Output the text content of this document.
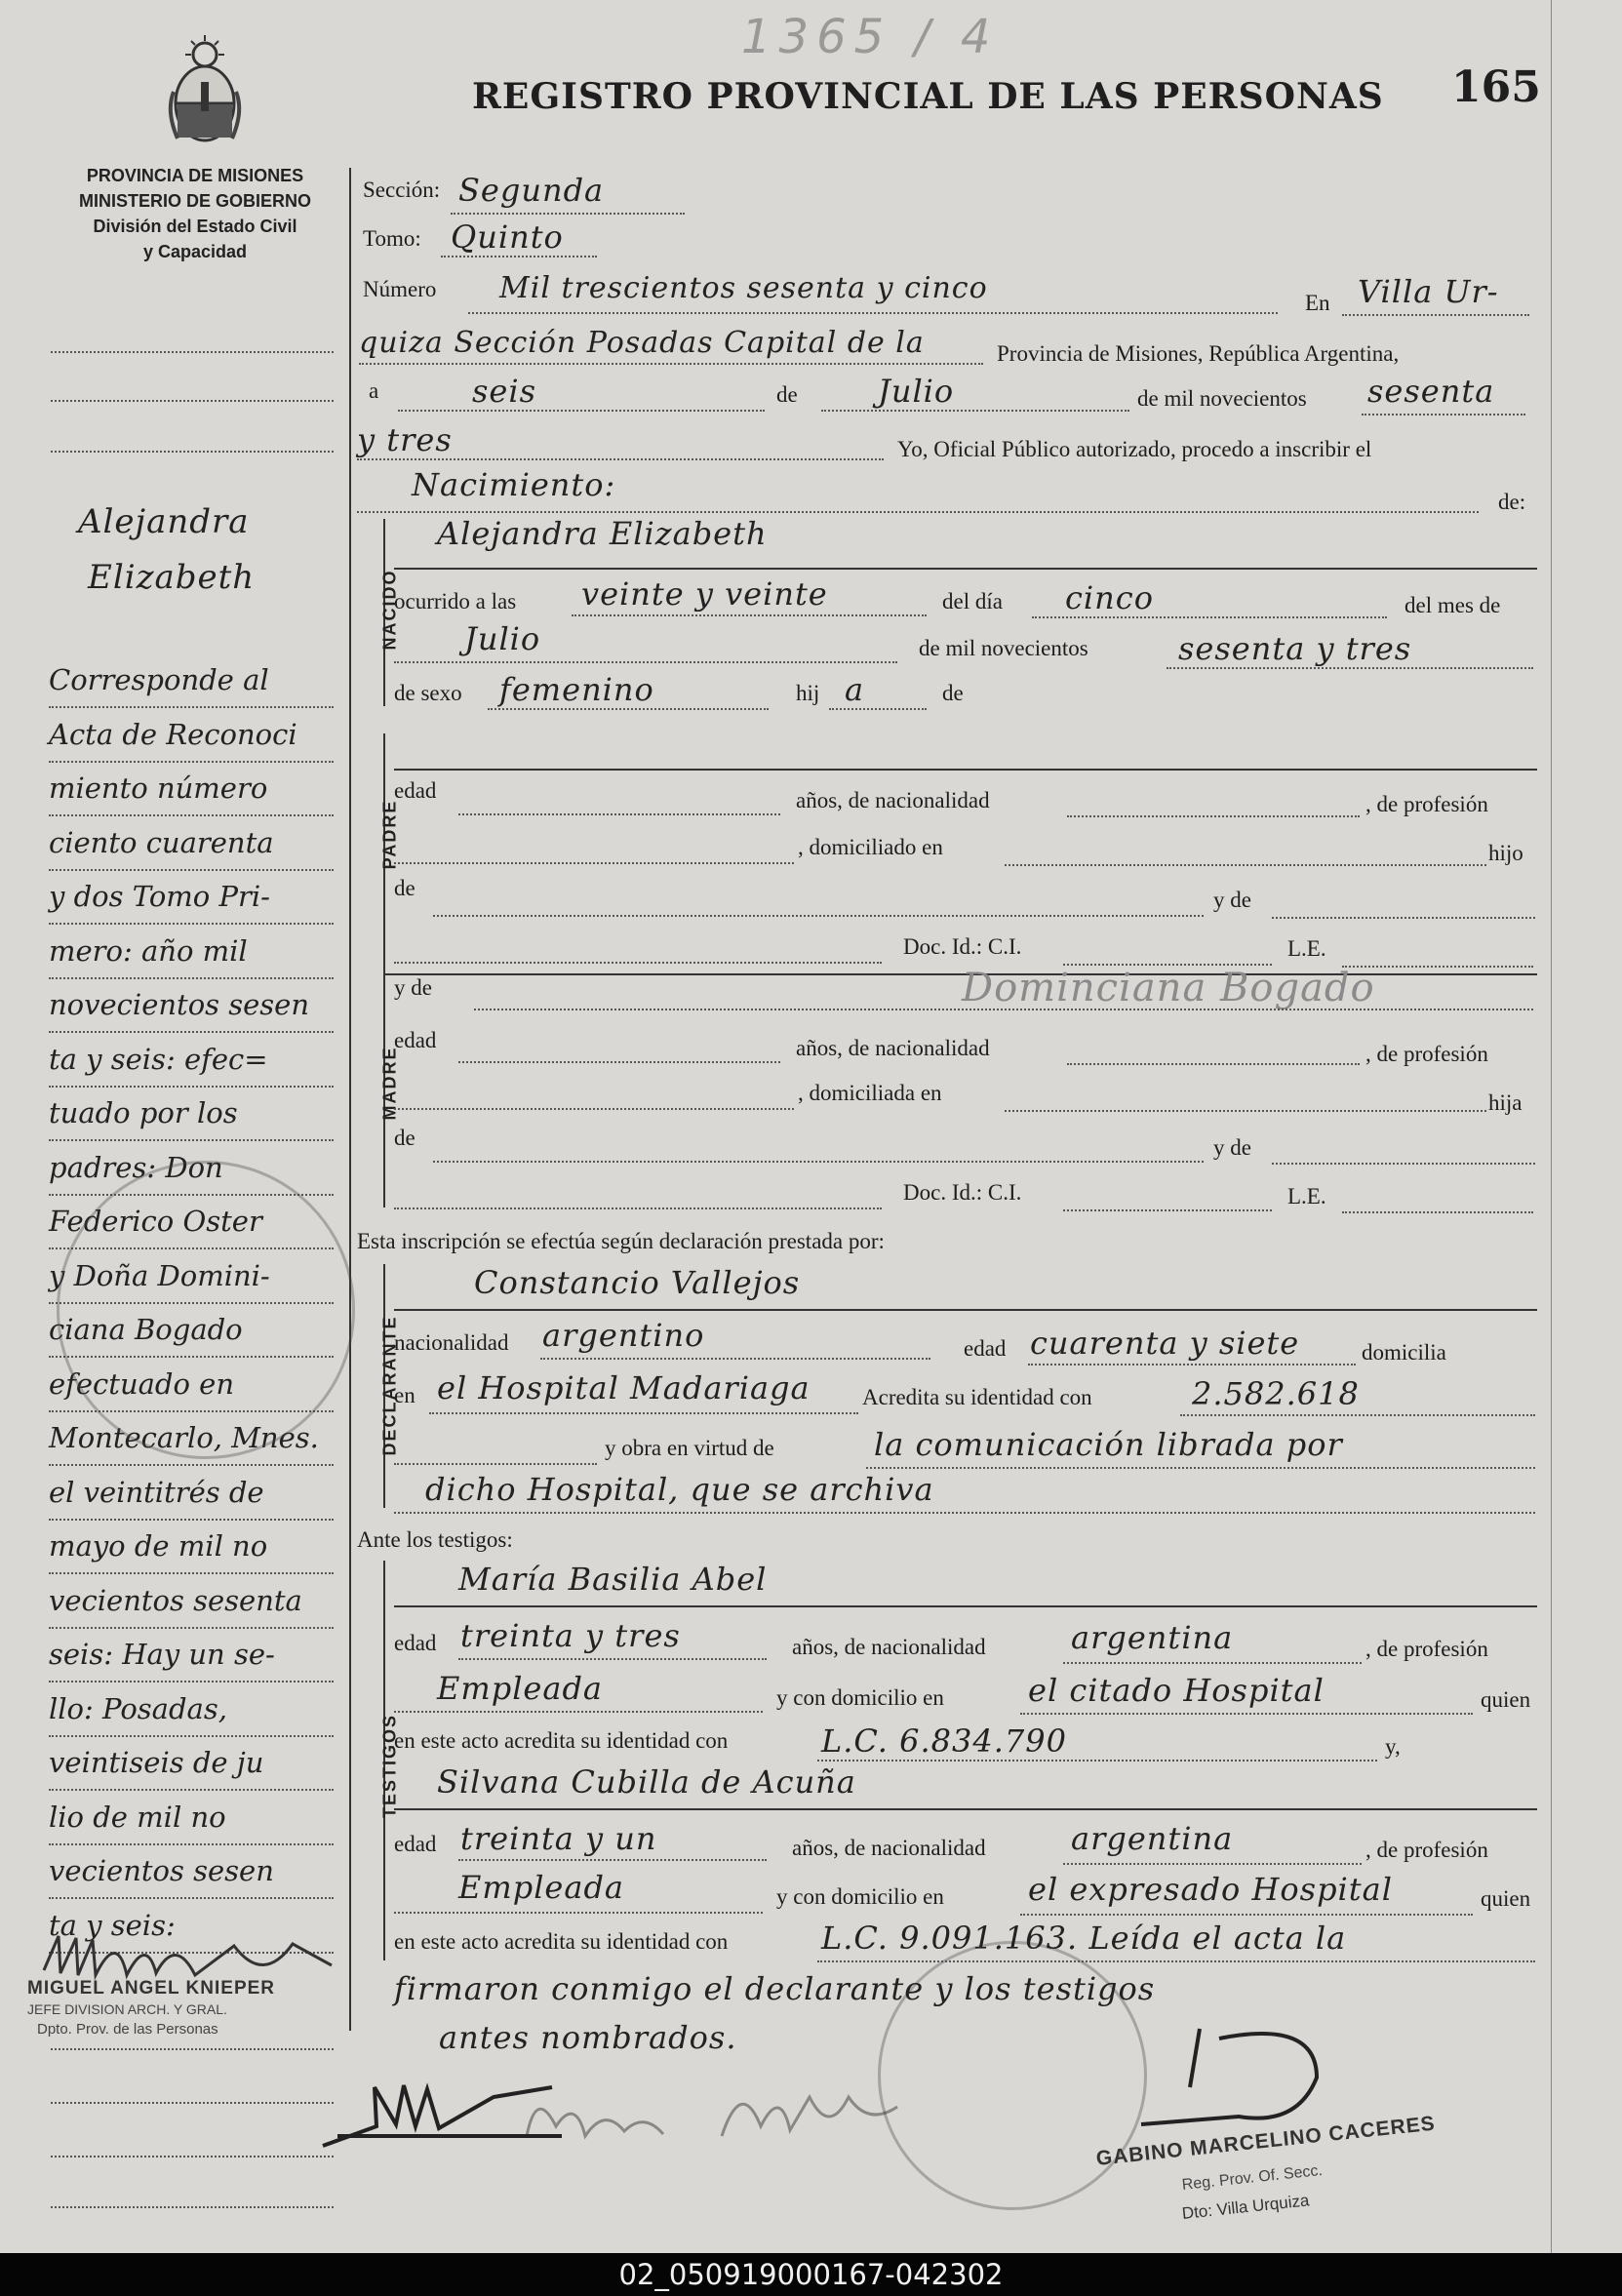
1365 / 4
REGISTRO PROVINCIAL DE LAS PERSONAS 165
PROVINCIA DE MISIONES
MINISTERIO DE GOBIERNO
División del Estado Civil
y Capacidad
Alejandra
Elizabeth
Corresponde al
Acta de Reconoci
miento número
ciento cuarenta
y dos Tomo Pri-
mero: año mil
novecientos sesen
ta y seis: efec=
tuado por los
padres: Don
Federico Oster
y Doña Domini-
ciana Bogado
efectuado en
Montecarlo, Mnes.
el veintitrés de
mayo de mil no
vecientos sesenta
seis: Hay un se-
llo: Posadas,
veintiseis de ju
lio de mil no
vecientos sesen
ta y seis:
MIGUEL ANGEL KNIEPER
JEFE DIVISION ARCH. Y GRAL.
Dpto. Prov. de las Personas
Sección: Segunda
Tomo: Quinto
Número Mil trescientos sesenta y cinco	En Villa Ur-
quiza Sección Posadas Capital de la	Provincia de Misiones, República Argentina,
a	seis	de	Julio	de mil novecientos sesenta
y tres	Yo, Oficial Público autorizado, procedo a inscribir el
Nacimiento:	de:
NACIDO
Alejandra Elizabeth
ocurrido a las veinte y veinte	del día cinco	del mes de
Julio	de mil novecientos	sesenta y tres
de sexo femenino	hij a	de
PADRE
edad	años, de nacionalidad	, de profesión
, domiciliado en	hijo
de	y de
Doc. Id.: C.I.	L.E.
MADRE
y de	Dominciana Bogado
edad	años, de nacionalidad	, de profesión
, domiciliada en	hija
de	y de
Doc. Id.: C.I.	L.E.
Esta inscripción se efectúa según declaración prestada por:
DECLARANTE
Constancio Vallejos
nacionalidad argentino	edad cuarenta y siete	domicilia
en el Hospital Madariaga Acredita su identidad con	2.582.618
y obra en virtud de	la comunicación librada por
dicho Hospital, que se archiva
Ante los testigos:
TESTIGOS
María Basilia Abel
edad treinta y tres	años, de nacionalidad	argentina	, de profesión
Empleada	y con domicilio en	el citado Hospital	quien
en este acto acredita su identidad con	L.C. 6.834.790	y,
Silvana Cubilla de Acuña
edad treinta y un	años, de nacionalidad	argentina	, de profesión
Empleada	y con domicilio en	el expresado Hospital	quien
en este acto acredita su identidad con	L.C. 9.091.163. Leída el acta la
firmaron conmigo el declarante y los testigos
antes nombrados.
GABINO MARCELINO CACERES
Reg. Prov. Of. Secc.
Dto: Villa Urquiza
02_050919000167-042302
